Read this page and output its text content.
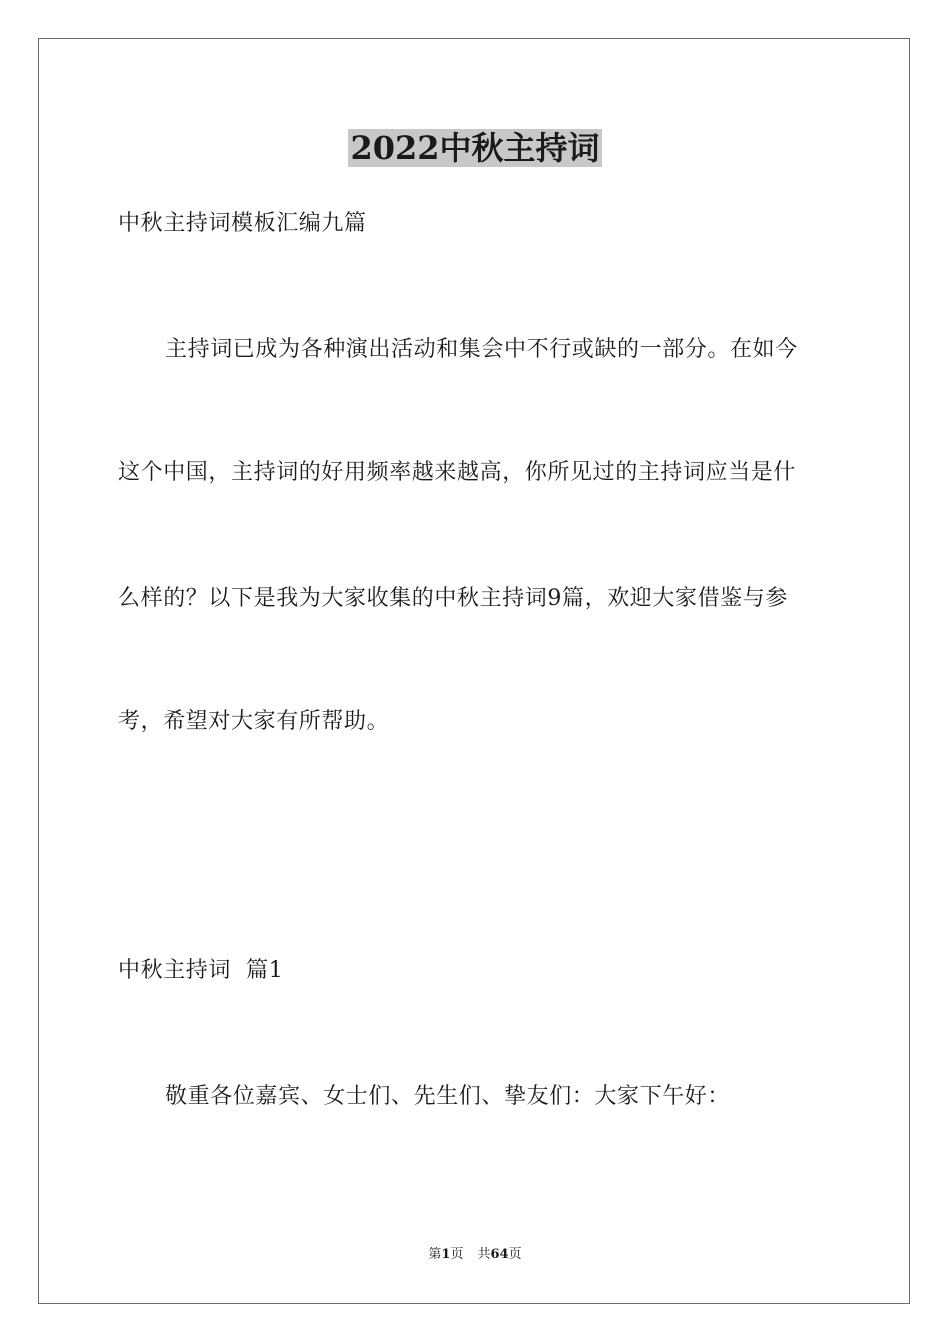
2022中秋主持词

中秋主持词模板汇编九篇

主持词已成为各种演出活动和集会中不行或缺的一部分。在如今

这个中国，主持词的好用频率越来越高，你所见过的主持词应当是什

么样的？以下是我为大家收集的中秋主持词9篇，欢迎大家借鉴与参

考，希望对大家有所帮助。

中秋主持词  篇1

敬重各位嘉宾、女士们、先生们、挚友们：大家下午好：

第1页 共64页
